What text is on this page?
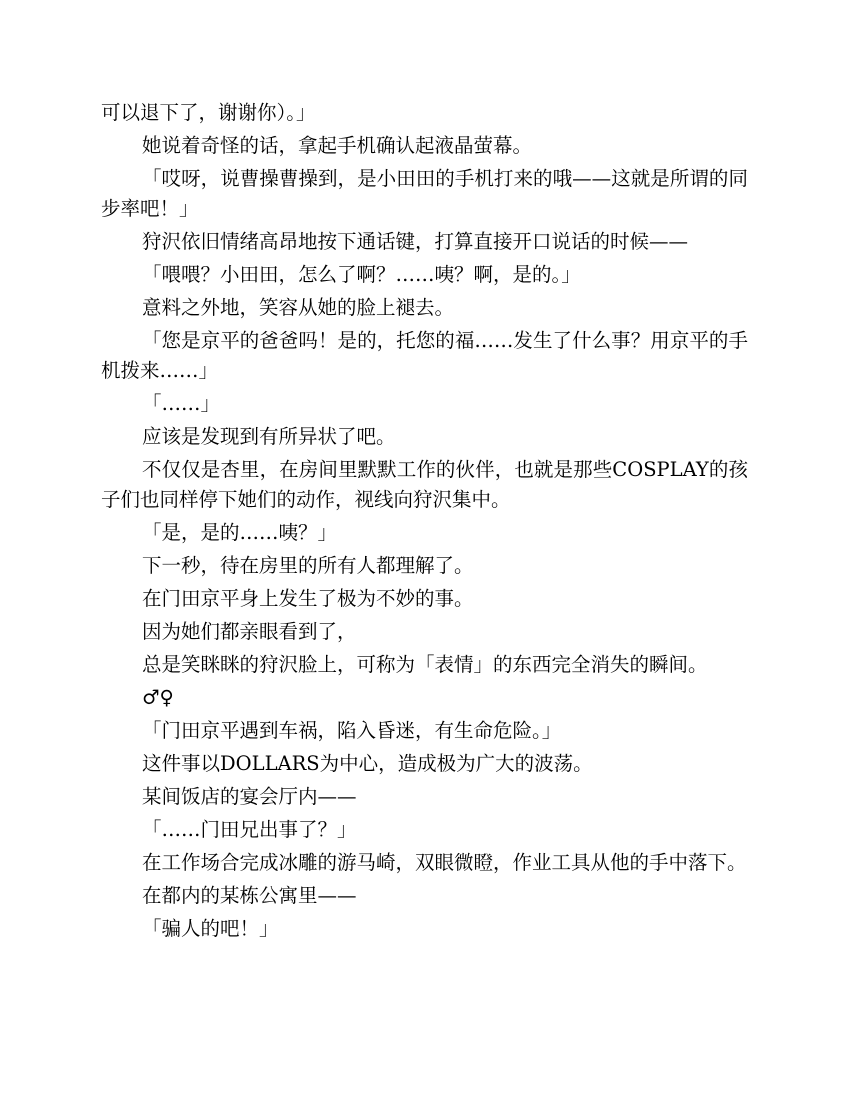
可以退下了，谢谢你）。」

她说着奇怪的话，拿起手机确认起液晶萤幕。

「哎呀，说曹操曹操到，是小田田的手机打来的哦——这就是所谓的同步率吧！」

狩沢依旧情绪高昂地按下通话键，打算直接开口说话的时候——

「喂喂？小田田，怎么了啊？……咦？啊，是的。」

意料之外地，笑容从她的脸上褪去。

「您是京平的爸爸吗！是的，托您的福……发生了什么事？用京平的手机拨来……」

「……」

应该是发现到有所异状了吧。

不仅仅是杏里，在房间里默默工作的伙伴，也就是那些COSPLAY的孩子们也同样停下她们的动作，视线向狩沢集中。

「是，是的……咦？」

下一秒，待在房里的所有人都理解了。

在门田京平身上发生了极为不妙的事。

因为她们都亲眼看到了，

总是笑眯眯的狩沢脸上，可称为「表情」的东西完全消失的瞬间。

♂♀

「门田京平遇到车祸，陷入昏迷，有生命危险。」

这件事以DOLLARS为中心，造成极为广大的波荡。

某间饭店的宴会厅内——

「……门田兄出事了？」

在工作场合完成冰雕的游马崎，双眼微瞪，作业工具从他的手中落下。

在都内的某栋公寓里——

「骗人的吧！」
